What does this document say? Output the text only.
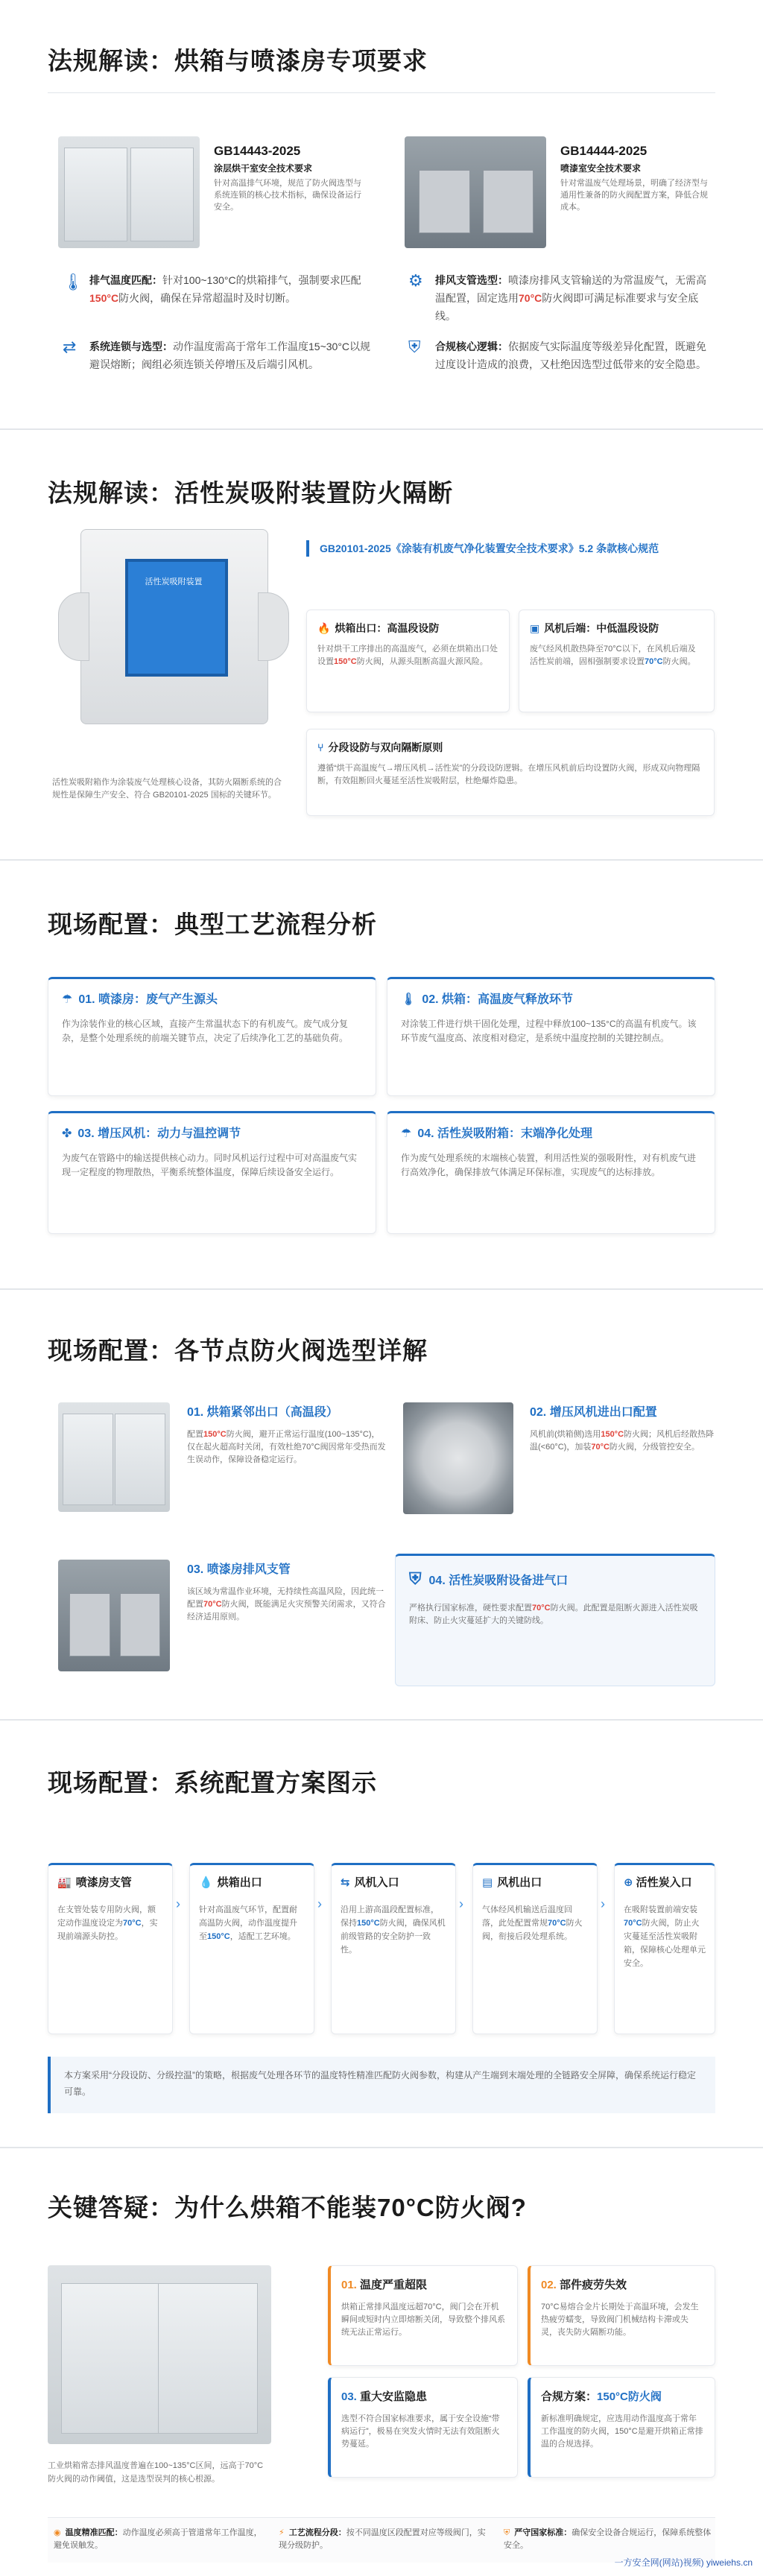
法规解读：烘箱与喷漆房专项要求
GB14443-2025
涂层烘干室安全技术要求
针对高温排气环境，规范了防火阀选型与系统连锁的核心技术指标，确保设备运行安全。
GB14444-2025
喷漆室安全技术要求
针对常温废气处理场景，明确了经济型与通用性兼备的防火阀配置方案，降低合规成本。
🌡 排气温度匹配：针对100~130°C的烘箱排气，强制要求匹配150°C防火阀，确保在异常超温时及时切断。
⚙ 排风支管选型：喷漆房排风支管输送的为常温废气，无需高温配置，固定选用70°C防火阀即可满足标准要求与安全底线。
⇄ 系统连锁与选型：动作温度需高于常年工作温度15~30°C以规避误熔断；阀组必须连锁关停增压及后端引风机。
⛨ 合规核心逻辑：依据废气实际温度等级差异化配置，既避免过度设计造成的浪费，又杜绝因选型过低带来的安全隐患。
法规解读：活性炭吸附装置防火隔断
活性炭吸附装置
活性炭吸附箱作为涂装废气处理核心设备，其防火隔断系统的合规性是保障生产安全、符合 GB20101-2025 国标的关键环节。
GB20101-2025《涂装有机废气净化装置安全技术要求》5.2 条款核心规范
🔥 烘箱出口：高温段设防
针对烘干工序排出的高温废气，必须在烘箱出口处设置150°C防火阀，从源头阻断高温火源风险。
▣ 风机后端：中低温段设防
废气经风机散热降至70°C以下，在风机后端及活性炭前端，固相强制要求设置70°C防火阀。
⑂ 分段设防与双向隔断原则
遵循“烘干高温废气→增压风机→活性炭”的分段设防逻辑。在增压风机前后均设置防火阀，形成双向物理隔断，有效阻断回火蔓延至活性炭吸附层，杜绝爆炸隐患。
现场配置：典型工艺流程分析
☂ 01. 喷漆房：废气产生源头
作为涂装作业的核心区域，直接产生常温状态下的有机废气。废气成分复杂，是整个处理系统的前端关键节点，决定了后续净化工艺的基础负荷。
🌡 02. 烘箱：高温废气释放环节
对涂装工件进行烘干固化处理，过程中释放100~135°C的高温有机废气。该环节废气温度高、浓度相对稳定，是系统中温度控制的关键控制点。
✤ 03. 增压风机：动力与温控调节
为废气在管路中的输送提供核心动力。同时风机运行过程中可对高温废气实现一定程度的物理散热，平衡系统整体温度，保障后续设备安全运行。
☂ 04. 活性炭吸附箱：末端净化处理
作为废气处理系统的末端核心装置，利用活性炭的强吸附性，对有机废气进行高效净化，确保排放气体满足环保标准，实现废气的达标排放。
现场配置：各节点防火阀选型详解
01. 烘箱紧邻出口（高温段）
配置150°C防火阀，避开正常运行温度(100~135°C)，仅在起火超高时关闭，有效杜绝70°C阀因常年受热而发生误动作，保障设备稳定运行。
02. 增压风机进出口配置
风机前(烘箱侧)选用150°C防火阀；风机后经散热降温(<60°C)，加装70°C防火阀，分级管控安全。
03. 喷漆房排风支管
该区域为常温作业环境，无持续性高温风险，因此统一配置70°C防火阀，既能满足火灾预警关闭需求，又符合经济适用原则。
⛨ 04. 活性炭吸附设备进气口
严格执行国家标准，硬性要求配置70°C防火阀。此配置是阻断火源进入活性炭吸附床、防止火灾蔓延扩大的关键防线。
现场配置：系统配置方案图示
🏭 喷漆房支管
在支管处装专用防火阀，额定动作温度设定为70°C，实现前端源头防控。
›
💧 烘箱出口
针对高温废气环节，配置耐高温防火阀，动作温度提升至150°C，适配工艺环境。
›
⇆ 风机入口
沿用上游高温段配置标准，保持150°C防火阀，确保风机前级管路的安全防护一致性。
›
▤ 风机出口
气体经风机输送后温度回落，此处配置常规70°C防火阀，衔接后段处理系统。
›
⊕ 活性炭入口
在吸附装置前端安装70°C防火阀，防止火灾蔓延至活性炭吸附箱，保障核心处理单元安全。
本方案采用“分段设防、分级控温”的策略，根据废气处理各环节的温度特性精准匹配防火阀参数，构建从产生端到末端处理的全链路安全屏障，确保系统运行稳定可靠。
关键答疑：为什么烘箱不能装70°C防火阀?
工业烘箱常态排风温度普遍在100~135°C区间，远高于70°C防火阀的动作阈值，这是选型误判的核心根源。
01. 温度严重超限
烘箱正常排风温度远超70°C，阀门会在开机瞬间或短时内立即熔断关闭，导致整个排风系统无法正常运行。
02. 部件疲劳失效
70°C易熔合金片长期处于高温环境，会发生热疲劳蠕变，导致阀门机械结构卡滞或失灵，丧失防火隔断功能。
03. 重大安监隐患
选型不符合国家标准要求，属于安全设施“带病运行”，极易在突发火情时无法有效阻断火势蔓延。
合规方案：150°C防火阀
新标准明确规定，应选用动作温度高于常年工作温度的防火阀，150°C是避开烘箱正常排温的合规选择。
◉ 温度精准匹配：动作温度必须高于管道常年工作温度，避免误触发。
⚡ 工艺流程分段：按不同温度区段配置对应等级阀门，实现分级防护。
⛨ 严守国家标准：确保安全设备合规运行，保障系统整体安全。
一方安全网(网站)视频) yiweiehs.cn
